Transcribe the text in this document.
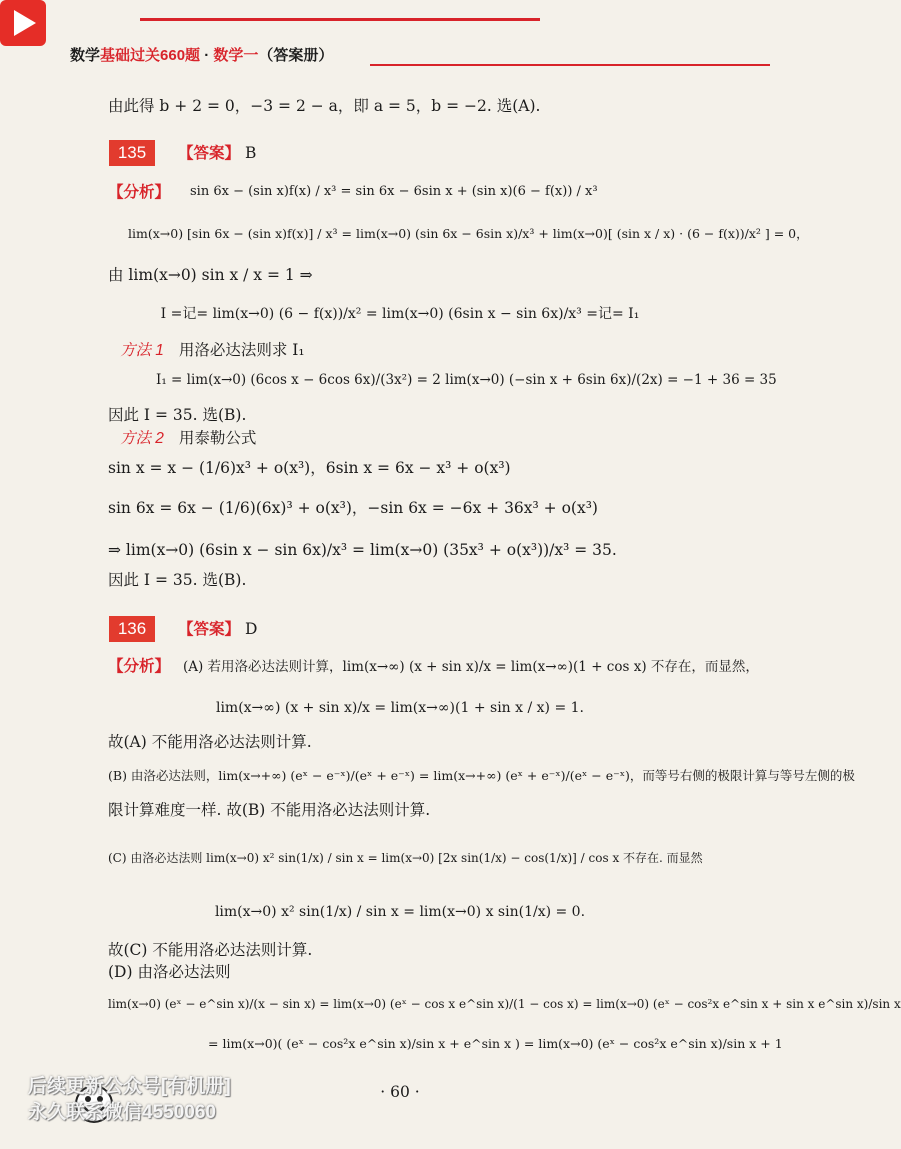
数学基础过关660题 · 数学一（答案册）
由此得 b + 2 = 0，−3 = 2 − a，即 a = 5，b = −2. 选(A).
135	【答案】 B
【分析】 sin 6x − (sin x)f(x) / x³ = sin 6x − 6sin x + (sin x)(6 − f(x)) / x³
lim(x→0) [sin 6x − (sin x)f(x)] / x³ = lim(x→0) (sin 6x − 6sin x)/x³ + lim(x→0)[ (sin x / x) · (6 − f(x))/x² ] = 0，
由 lim(x→0) sin x / x = 1 ⇒
I =记= lim(x→0) (6 − f(x))/x² = lim(x→0) (6sin x − sin 6x)/x³ =记= I₁
方法 1 用洛必达法则求 I₁
I₁ = lim(x→0) (6cos x − 6cos 6x)/(3x²) = 2 lim(x→0) (−sin x + 6sin 6x)/(2x) = −1 + 36 = 35
因此 I = 35. 选(B).
方法 2 用泰勒公式
sin x = x − (1/6)x³ + o(x³)，6sin x = 6x − x³ + o(x³)
sin 6x = 6x − (1/6)(6x)³ + o(x³)，−sin 6x = −6x + 36x³ + o(x³)
⇒ lim(x→0) (6sin x − sin 6x)/x³ = lim(x→0) (35x³ + o(x³))/x³ = 35.
因此 I = 35. 选(B).
136	【答案】 D
【分析】 (A) 若用洛必达法则计算，lim(x→∞) (x + sin x)/x = lim(x→∞)(1 + cos x) 不存在，而显然，
lim(x→∞) (x + sin x)/x = lim(x→∞)(1 + sin x / x) = 1.
故(A) 不能用洛必达法则计算.
(B) 由洛必达法则，lim(x→+∞) (eˣ − e⁻ˣ)/(eˣ + e⁻ˣ) = lim(x→+∞) (eˣ + e⁻ˣ)/(eˣ − e⁻ˣ)，而等号右侧的极限计算与等号左侧的极
限计算难度一样. 故(B) 不能用洛必达法则计算.
(C) 由洛必达法则 lim(x→0) x² sin(1/x) / sin x = lim(x→0) [2x sin(1/x) − cos(1/x)] / cos x 不存在. 而显然
lim(x→0) x² sin(1/x) / sin x = lim(x→0) x sin(1/x) = 0.
故(C) 不能用洛必达法则计算.
(D) 由洛必达法则
lim(x→0) (eˣ − e^sin x)/(x − sin x) = lim(x→0) (eˣ − cos x e^sin x)/(1 − cos x) = lim(x→0) (eˣ − cos²x e^sin x + sin x e^sin x)/sin x
= lim(x→0)( (eˣ − cos²x e^sin x)/sin x + e^sin x ) = lim(x→0) (eˣ − cos²x e^sin x)/sin x + 1
· 60 ·
后续更新公众号[有机册]
永久联系微信4550060
